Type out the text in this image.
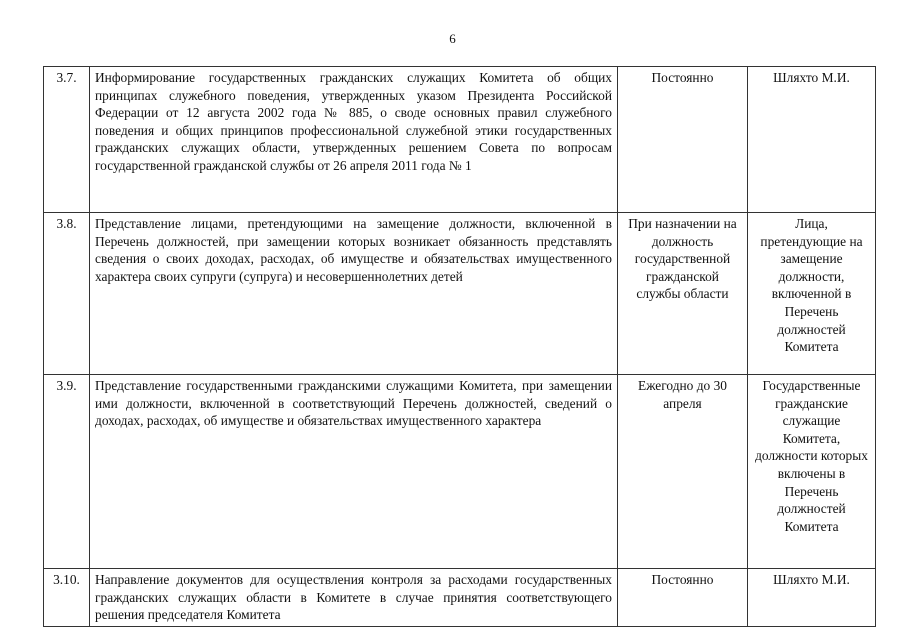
6
3.7.	Информирование государственных гражданских служащих Комитета об общих принципах служебного поведения, утвержденных указом Президента Российской Федерации от 12 августа 2002 года № 885, о своде основных правил служебного поведения и общих принципов профессиональной служебной этики государственных гражданских служащих области, утвержденных решением Совета по вопросам государственной гражданской службы от 26 апреля 2011 года № 1	Постоянно	Шляхто М.И.
3.8.	Представление лицами, претендующими на замещение должности, включенной в Перечень должностей, при замещении которых возникает обязанность представлять сведения о своих доходах, расходах, об имуществе и обязательствах имущественного характера своих супруги (супруга) и несовершеннолетних детей	При назначении на должность государственной гражданской службы области	Лица, претендующие на замещение должности, включенной в Перечень должностей Комитета
3.9.	Представление государственными гражданскими служащими Комитета, при замещении ими должности, включенной в соответствующий Перечень должностей, сведений о доходах, расходах, об имуществе и обязательствах имущественного характера	Ежегодно до 30 апреля	Государственные гражданские служащие Комитета, должности которых включены в Перечень должностей Комитета
3.10.	Направление документов для осуществления контроля за расходами государственных гражданских служащих области в Комитете в случае принятия соответствующего решения председателя Комитета	Постоянно	Шляхто М.И.
